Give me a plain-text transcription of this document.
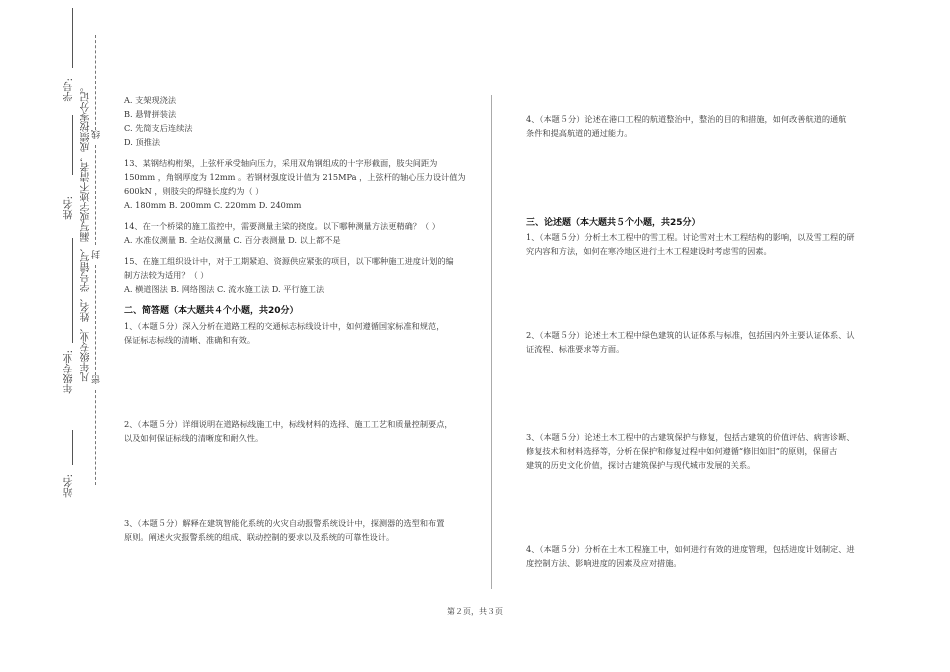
学号:
姓名:
年级专业:
站名:
凡年级专业、姓名、学号错写、漏写或字迹不清者，成绩按零分记。 线
封
密

A. 支架现浇法

B. 悬臂拼装法

C. 先简支后连续法

D. 顶推法

13、某钢结构桁架，上弦杆承受轴向压力，采用双角钢组成的十字形截面，肢尖间距为

150mm ，角钢厚度为 12mm 。若钢材强度设计值为 215MPa ，上弦杆的轴心压力设计值为

600kN ，则肢尖的焊缝长度约为（ ）

A. 180mm B. 200mm C. 220mm D. 240mm

14、在一个桥梁的施工监控中，需要测量主梁的挠度。以下哪种测量方法更精确？（ ）

A. 水准仪测量 B. 全站仪测量 C. 百分表测量 D. 以上都不是

15、在施工组织设计中，对于工期紧迫、资源供应紧张的项目，以下哪种施工进度计划的编

制方法较为适用？（ ）

A. 横道图法 B. 网络图法 C. 流水施工法 D. 平行施工法

二、简答题（本大题共４个小题，共20分）

1、（本题５分）深入分析在道路工程的交通标志标线设计中，如何遵循国家标准和规范，

保证标志标线的清晰、准确和有效。

2、（本题５分）详细说明在道路标线施工中，标线材料的选择、施工工艺和质量控制要点，

以及如何保证标线的清晰度和耐久性。

3、（本题５分）解释在建筑智能化系统的火灾自动报警系统设计中，探测器的选型和布置

原则。阐述火灾报警系统的组成、联动控制的要求以及系统的可靠性设计。

4、（本题５分）论述在港口工程的航道整治中，整治的目的和措施，如何改善航道的通航

条件和提高航道的通过能力。

三、论述题（本大题共５个小题，共25分）

1、（本题５分）分析土木工程中的雪工程。讨论雪对土木工程结构的影响，以及雪工程的研

究内容和方法，如何在寒冷地区进行土木工程建设时考虑雪的因素。

2、（本题５分）论述土木工程中绿色建筑的认证体系与标准，包括国内外主要认证体系、认

证流程、标准要求等方面。

3、（本题５分）论述土木工程中的古建筑保护与修复，包括古建筑的价值评估、病害诊断、

修复技术和材料选择等，分析在保护和修复过程中如何遵循“修旧如旧”的原则，保留古

建筑的历史文化价值，探讨古建筑保护与现代城市发展的关系。

4、（本题５分）分析在土木工程施工中，如何进行有效的进度管理，包括进度计划制定、进

度控制方法、影响进度的因素及应对措施。

第２页，共３页
